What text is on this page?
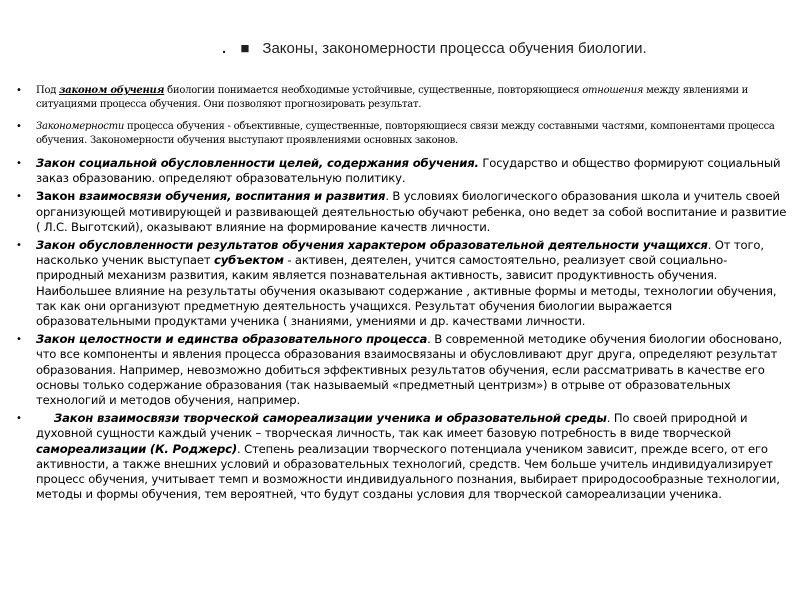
. ■ Законы, закономерности процесса обучения биологии.
• Под законом обучения биологии понимается необходимые устойчивые, существенные, повторяющиеся отношения между явлениями и ситуациями процесса обучения. Они позволяют прогнозировать результат.
• Закономерности процесса обучения - объективные, существенные, повторяющиеся связи между составными частями, компонентами процесса обучения. Закономерности обучения выступают проявлениями основных законов.
• Закон социальной обусловленности целей, содержания обучения. Государство и общество формируют социальный заказ образованию. определяют образовательную политику.
• Закон взаимосвязи обучения, воспитания и развития. В условиях биологического образования школа и учитель своей организующей мотивирующей и развивающей деятельностью обучают ребенка, оно ведет за собой воспитание и развитие ( Л.С. Выготский), оказывают влияние на формирование качеств личности.
• Закон обусловленности результатов обучения характером образовательной деятельности учащихся. От того, насколько ученик выступает субъектом - активен, деятелен, учится самостоятельно, реализует свой социально- природный механизм развития, каким является познавательная активность, зависит продуктивность обучения. Наибольшее влияние на результаты обучения оказывают содержание , активные формы и методы, технологии обучения, так как они организуют предметную деятельность учащихся. Результат обучения биологии выражается образовательными продуктами ученика ( знаниями, умениями и др. качествами личности.
• Закон целостности и единства образовательного процесса. В современной методике обучения биологии обосновано, что все компоненты и явления процесса образования взаимосвязаны и обусловливают друг друга, определяют результат образования. Например, невозможно добиться эффективных результатов обучения, если рассматривать в качестве его основы только содержание образования (так называемый «предметный центризм») в отрыве от образовательных технологий и методов обучения, например.
•	Закон взаимосвязи творческой самореализации ученика и образовательной среды. По своей природной и духовной сущности каждый ученик – творческая личность, так как имеет базовую потребность в виде творческой самореализации (К. Роджерс). Степень реализации творческого потенциала учеником зависит, прежде всего, от его активности, а также внешних условий и образовательных технологий, средств. Чем больше учитель индивидуализирует процесс обучения, учитывает темп и возможности индивидуального познания, выбирает природосообразные технологии, методы и формы обучения, тем вероятней, что будут созданы условия для творческой самореализации ученика.
